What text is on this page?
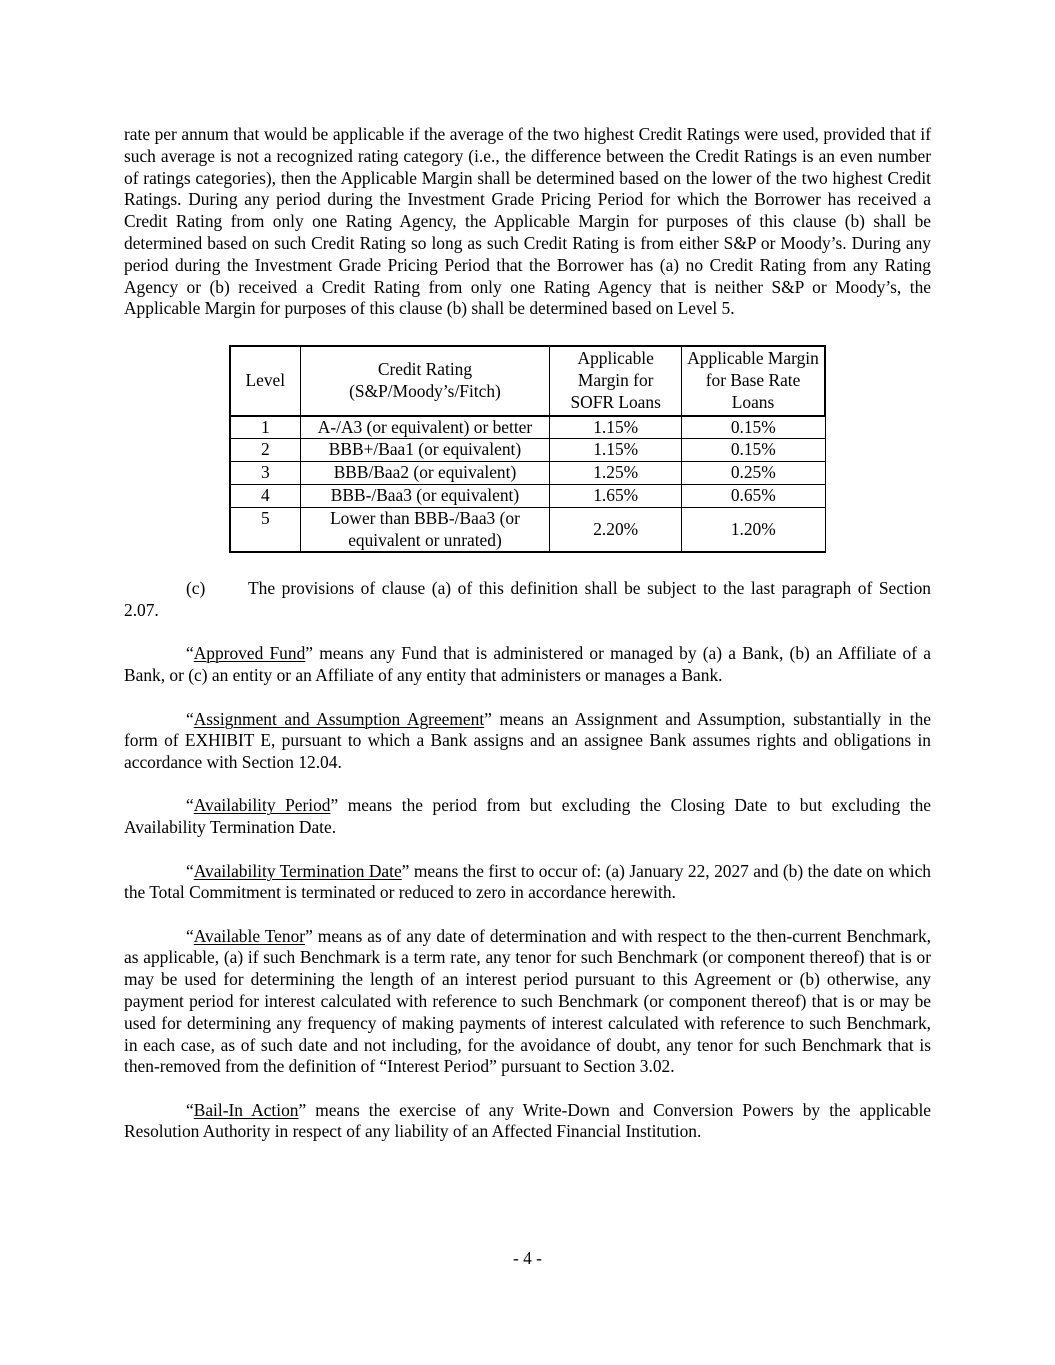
rate per annum that would be applicable if the average of the two highest Credit Ratings were used, provided that if such average is not a recognized rating category (i.e., the difference between the Credit Ratings is an even number of ratings categories), then the Applicable Margin shall be determined based on the lower of the two highest Credit Ratings. During any period during the Investment Grade Pricing Period for which the Borrower has received a Credit Rating from only one Rating Agency, the Applicable Margin for purposes of this clause (b) shall be determined based on such Credit Rating so long as such Credit Rating is from either S&P or Moody’s. During any period during the Investment Grade Pricing Period that the Borrower has (a) no Credit Rating from any Rating Agency or (b) received a Credit Rating from only one Rating Agency that is neither S&P or Moody’s, the Applicable Margin for purposes of this clause (b) shall be determined based on Level 5.

Level	Credit Rating (S&P/Moody’s/Fitch)	Applicable Margin for SOFR Loans	Applicable Margin for Base Rate Loans
1	A-/A3 (or equivalent) or better	1.15%	0.15%
2	BBB+/Baa1 (or equivalent)	1.15%	0.15%
3	BBB/Baa2 (or equivalent)	1.25%	0.25%
4	BBB-/Baa3 (or equivalent)	1.65%	0.65%
5	Lower than BBB-/Baa3 (or equivalent or unrated)	2.20%	1.20%

(c) The provisions of clause (a) of this definition shall be subject to the last paragraph of Section 2.07.

“Approved Fund” means any Fund that is administered or managed by (a) a Bank, (b) an Affiliate of a Bank, or (c) an entity or an Affiliate of any entity that administers or manages a Bank.

“Assignment and Assumption Agreement” means an Assignment and Assumption, substantially in the form of EXHIBIT E, pursuant to which a Bank assigns and an assignee Bank assumes rights and obligations in accordance with Section 12.04.

“Availability Period” means the period from but excluding the Closing Date to but excluding the Availability Termination Date.

“Availability Termination Date” means the first to occur of: (a) January 22, 2027 and (b) the date on which the Total Commitment is terminated or reduced to zero in accordance herewith.

“Available Tenor” means as of any date of determination and with respect to the then-current Benchmark, as applicable, (a) if such Benchmark is a term rate, any tenor for such Benchmark (or component thereof) that is or may be used for determining the length of an interest period pursuant to this Agreement or (b) otherwise, any payment period for interest calculated with reference to such Benchmark (or component thereof) that is or may be used for determining any frequency of making payments of interest calculated with reference to such Benchmark, in each case, as of such date and not including, for the avoidance of doubt, any tenor for such Benchmark that is then-removed from the definition of “Interest Period” pursuant to Section 3.02.

“Bail-In Action” means the exercise of any Write-Down and Conversion Powers by the applicable Resolution Authority in respect of any liability of an Affected Financial Institution.

- 4 -
